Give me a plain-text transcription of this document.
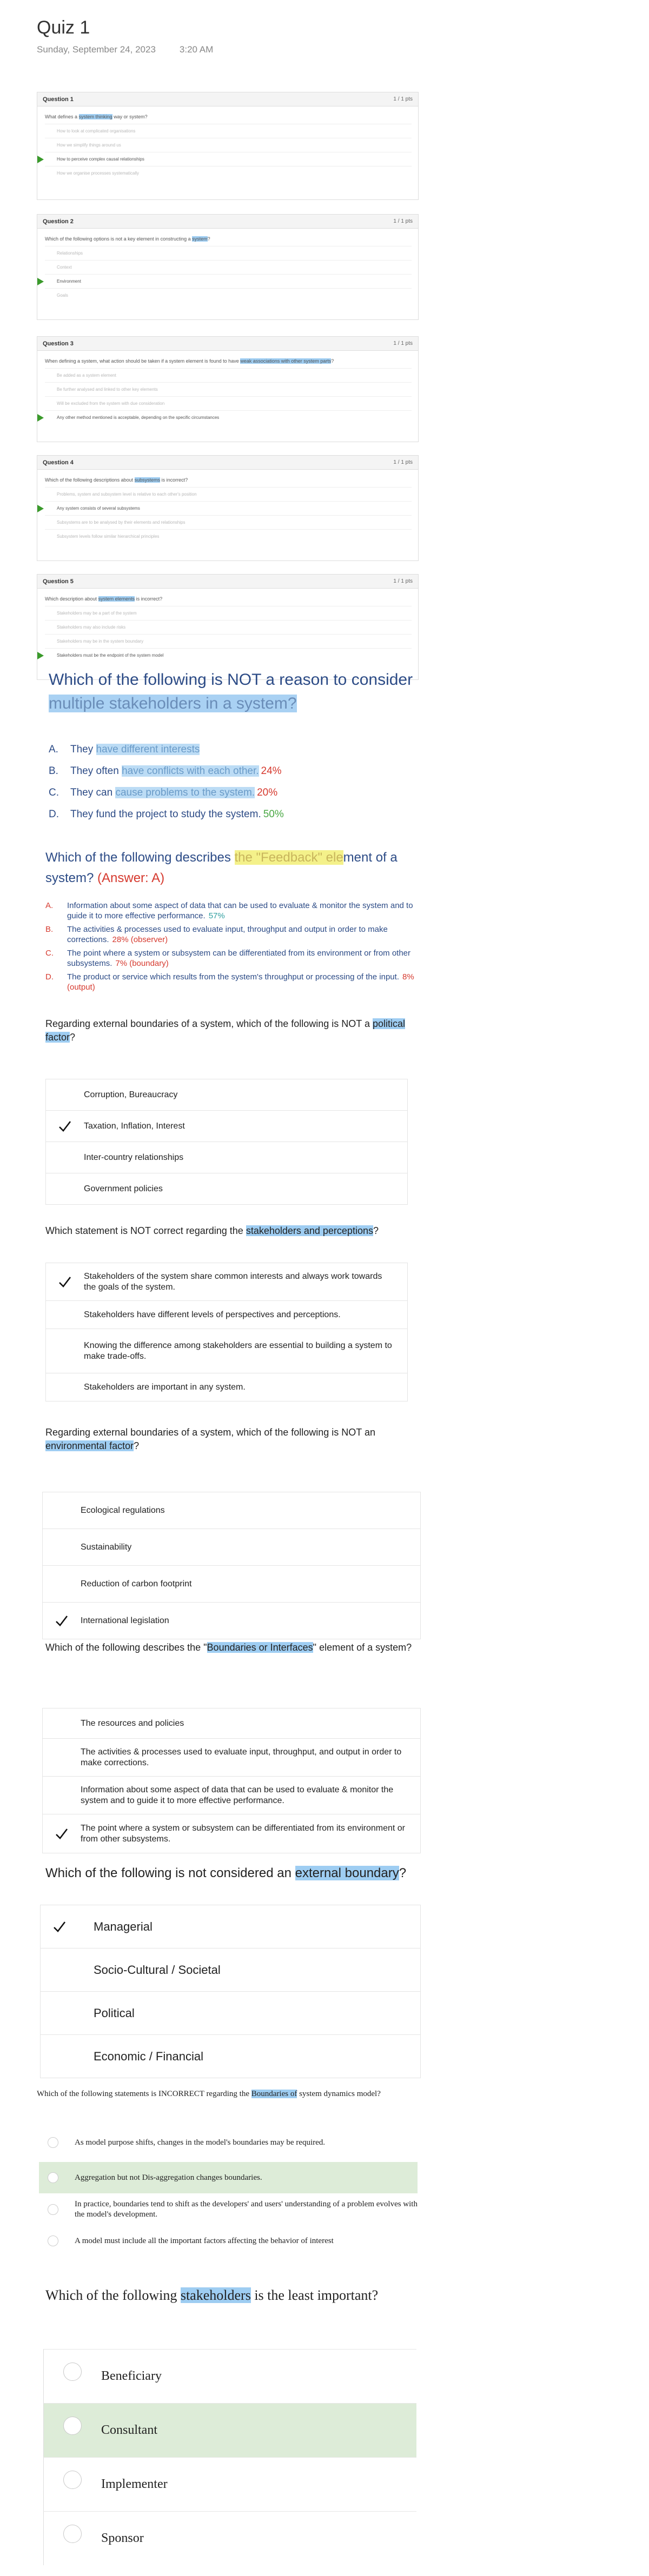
Quiz 1
Sunday, September 24, 2023	3:20 AM
Question 1	1 / 1 pts
What defines a system thinking way or system?
How to look at complicated organisations
How we simplify things around us
How to perceive complex causal relationships
How we organise processes systematically
Question 2	1 / 1 pts
Which of the following options is not a key element in constructing a system?
Relationships
Context
Environment
Goals
Question 3	1 / 1 pts
When defining a system, what action should be taken if a system element is found to have weak associations with other system parts?
Be added as a system element
Be further analysed and linked to other key elements
Will be excluded from the system with due consideration
Any other method mentioned is acceptable, depending on the specific circumstances
Question 4	1 / 1 pts
Which of the following descriptions about subsystems is incorrect?
Problems, system and subsystem level is relative to each other's position
Any system consists of several subsystems
Subsystems are to be analysed by their elements and relationships
Subsystem levels follow similar hierarchical principles
Question 5	1 / 1 pts
Which description about system elements is incorrect?
Stakeholders may be a part of the system
Stakeholders may also include risks
Stakeholders may be in the system boundary
Stakeholders must be the endpoint of the system model
Which of the following is NOT a reason to consider
multiple stakeholders in a system?
A. They have different interests
B. They often have conflicts with each other. 24%
C. They can cause problems to the system. 20%
D. They fund the project to study the system. 50%
Which of the following describes the "Feedback" element of a system? (Answer: A)
A.	Information about some aspect of data that can be used to evaluate & monitor the system and to guide it to more effective performance. 57%
B.	The activities & processes used to evaluate input, throughput and output in order to make corrections. 28% (observer)
C.	The point where a system or subsystem can be differentiated from its environment or from other subsystems. 7% (boundary)
D.	The product or service which results from the system's throughput or processing of the input. 8% (output)
Regarding external boundaries of a system, which of the following is NOT a political factor?
Corruption, Bureaucracy
Taxation, Inflation, Interest
Inter-country relationships
Government policies
Which statement is NOT correct regarding the stakeholders and perceptions?
Stakeholders of the system share common interests and always work towards the goals of the system.
Stakeholders have different levels of perspectives and perceptions.
Knowing the difference among stakeholders are essential to building a system to make trade-offs.
Stakeholders are important in any system.
Regarding external boundaries of a system, which of the following is NOT an environmental factor?
Ecological regulations
Sustainability
Reduction of carbon footprint
International legislation
Which of the following describes the "Boundaries or Interfaces" element of a system?
The resources and policies
The activities & processes used to evaluate input, throughput, and output in order to make corrections.
Information about some aspect of data that can be used to evaluate & monitor the system and to guide it to more effective performance.
The point where a system or subsystem can be differentiated from its environment or from other subsystems.
Which of the following is not considered an external boundary?
Managerial
Socio-Cultural / Societal
Political
Economic / Financial
Which of the following statements is INCORRECT regarding the Boundaries of system dynamics model?
As model purpose shifts, changes in the model's boundaries may be required.
Aggregation but not Dis-aggregation changes boundaries.
In practice, boundaries tend to shift as the developers' and users' understanding of a problem evolves with the model's development.
A model must include all the important factors affecting the behavior of interest
Which of the following stakeholders is the least important?
Beneficiary
Consultant
Implementer
Sponsor
